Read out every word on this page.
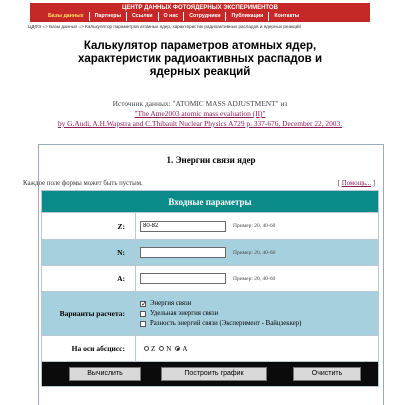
ЦЕНТР ДАННЫХ ФОТОЯДЕРНЫХ ЭКСПЕРИМЕНТОВ
Базы данных	Партнеры	Ссылки	О нас	Сотрудники	Публикации	Контакты
ЦДФЭ => Базы данных => Калькулятор параметров атомных ядер, характеристик радиоактивных распадов и ядерных реакций
Калькулятор параметров атомных ядер,
характеристик радиоактивных распадов и
ядерных реакций
Источник данных: "ATOMIC MASS ADJUSTMENT" из
"The Ame2003 atomic mass evaluation (II)"
by G.Audi, A.H.Wapstra and C.Thibault Nuclear Physics A729 p. 337-676, December 22, 2003.
1. Энергии связи ядер
Каждое поле формы может быть пустым.	[ Помощь... ]
Входные параметры	
Z:	80-82Пример: 20, 40-60
N:	Пример: 20, 40-60
A:	Пример: 20, 40-60
Варианты расчета:	
✓
Энергия связи
Удельная энергия связи
Разность энергий связи (Эксперимент - Вайцзеккер)

На оси абсцисс:	Z N A

Вычислить Построить график Очистить	
